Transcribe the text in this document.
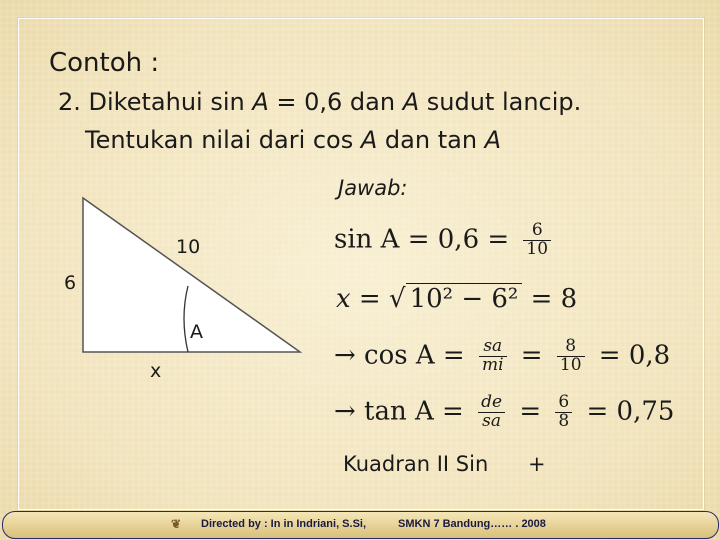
Contoh :
2. Diketahui sin A = 0,6 dan A sudut lancip.
Tentukan nilai dari cos A dan tan A
Jawab:
10
6
x
A
$\sin A = 0,6 = \frac{6}{10}$
x = √ 10² − 6² = 8
→ $\cos A = \frac{sa}{mi} = \frac{8}{10} = 0,8$
→ $\tan A = \frac{de}{sa} = \frac{6}{8} = 0,75$
Kuadran II Sin +
❦ Directed by : In in Indriani, S.Si,	SMKN 7 Bandung…… . 2008
